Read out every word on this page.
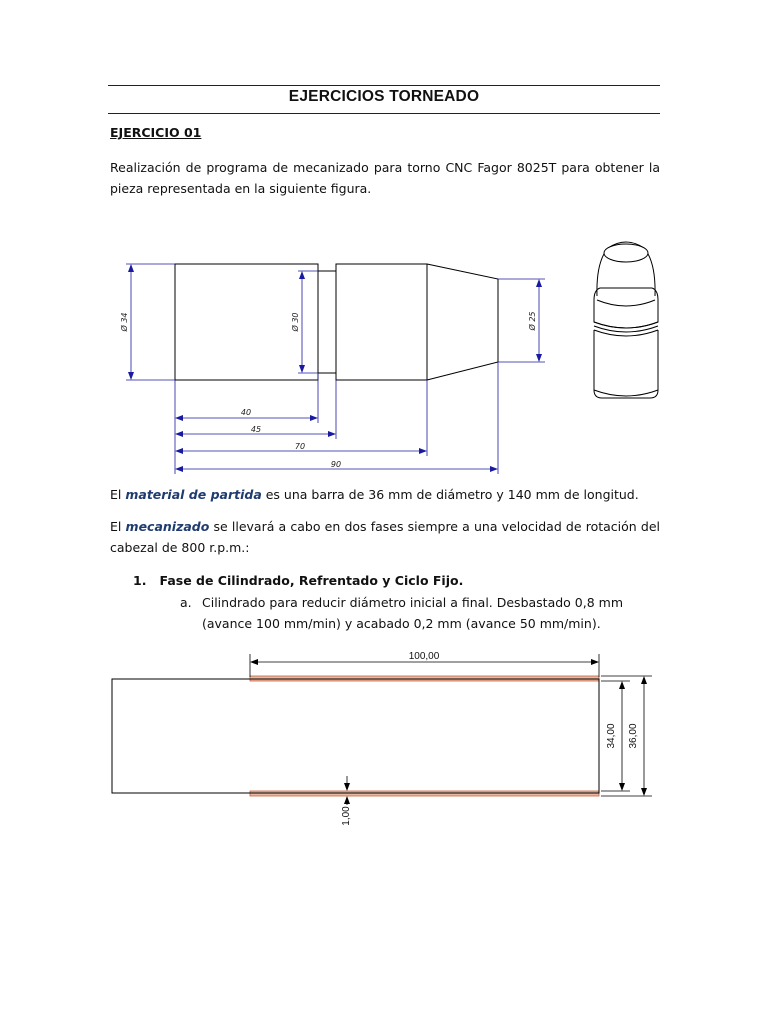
EJERCICIOS TORNEADO
EJERCICIO 01
Realización de programa de mecanizado para torno CNC Fagor 8025T para obtener la pieza representada en la siguiente figura.
Ø 34	Ø 30	Ø 25
40
45
70
90
El material de partida es una barra de 36 mm de diámetro y 140 mm de longitud.
El mecanizado se llevará a cabo en dos fases siempre a una velocidad de rotación del cabezal de 800 r.p.m.:
1. Fase de Cilindrado, Refrentado y Ciclo Fijo.
a. Cilindrado para reducir diámetro inicial a final. Desbastado 0,8 mm (avance 100 mm/min) y acabado 0,2 mm (avance 50 mm/min).
100,00
34,00 36,00
1,00
